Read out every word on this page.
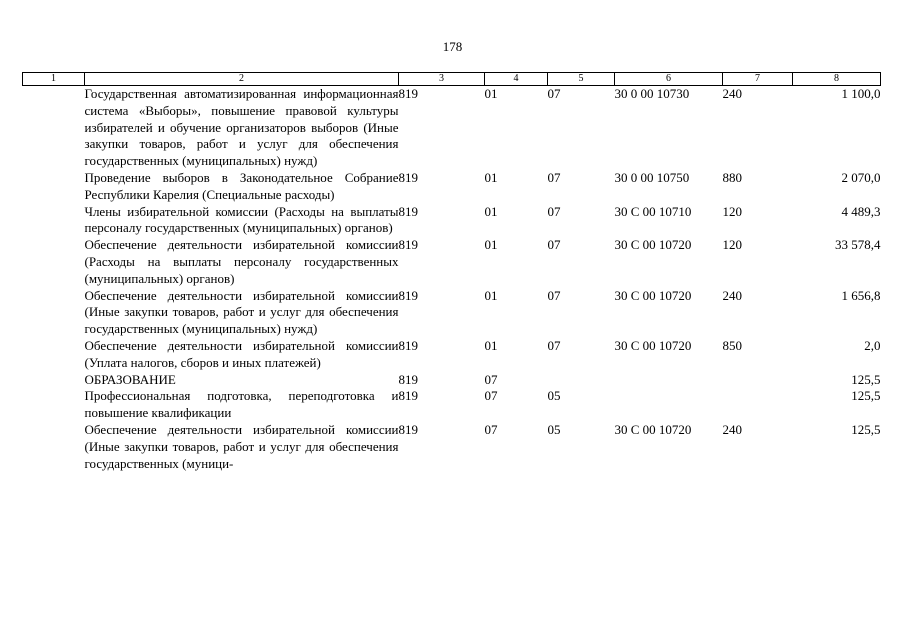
178
1	2	3	4	5	6	7	8
	Государственная автоматизированная информационная система «Выборы», повышение правовой культуры избирателей и обучение организаторов выборов (Иные закупки товаров, работ и услуг для обеспечения государственных (муниципальных) нужд)	819	01	07	30 0 00 10730	240	1 100,0
	Проведение выборов в Законодательное Собрание Республики Карелия (Специальные расходы)	819	01	07	30 0 00 10750	880	2 070,0
	Члены избирательной комиссии (Расходы на выплаты персоналу государственных (муниципальных) органов)	819	01	07	30 С 00 10710	120	4 489,3
	Обеспечение деятельности избирательной комиссии (Расходы на выплаты персоналу государственных (муниципальных) органов)	819	01	07	30 С 00 10720	120	33 578,4
	Обеспечение деятельности избирательной комиссии (Иные закупки товаров, работ и услуг для обеспечения государственных (муниципальных) нужд)	819	01	07	30 С 00 10720	240	1 656,8
	Обеспечение деятельности избирательной комиссии (Уплата налогов, сборов и иных платежей)	819	01	07	30 С 00 10720	850	2,0
	ОБРАЗОВАНИЕ	819	07				125,5
	Профессиональная подготовка, переподготовка и повышение квалификации	819	07	05			125,5
	Обеспечение деятельности избирательной комиссии (Иные закупки товаров, работ и услуг для обеспечения государственных (муници-	819	07	05	30 С 00 10720	240	125,5
